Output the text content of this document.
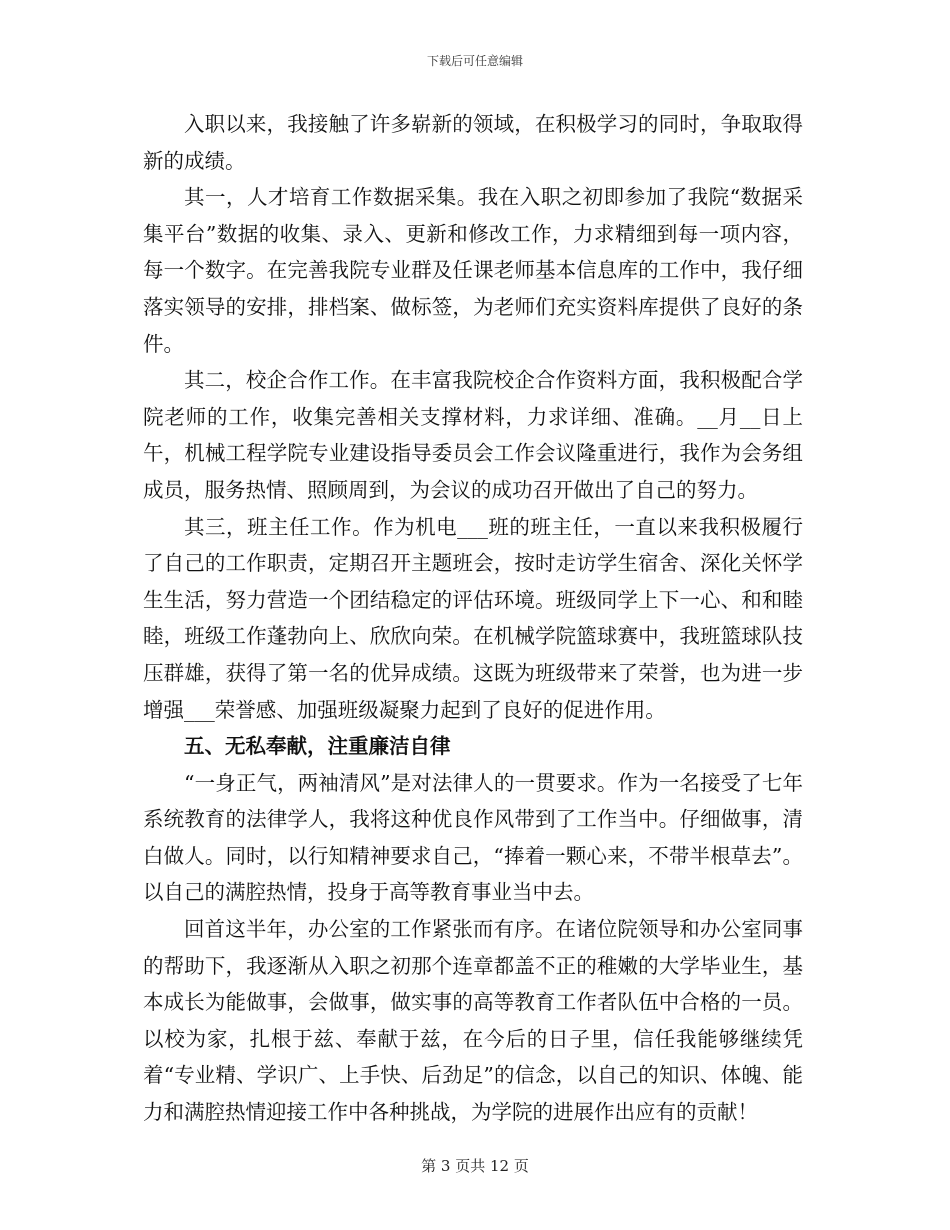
下载后可任意编辑

入职以来，我接触了许多崭新的领域，在积极学习的同时，争取取得新的成绩。

其一，人才培育工作数据采集。我在入职之初即参加了我院“数据采集平台”数据的收集、录入、更新和修改工作，力求精细到每一项内容，每一个数字。在完善我院专业群及任课老师基本信息库的工作中，我仔细落实领导的安排，排档案、做标签，为老师们充实资料库提供了良好的条件。

其二，校企合作工作。在丰富我院校企合作资料方面，我积极配合学院老师的工作，收集完善相关支撑材料，力求详细、准确。__月__日上午，机械工程学院专业建设指导委员会工作会议隆重进行，我作为会务组成员，服务热情、照顾周到，为会议的成功召开做出了自己的努力。

其三，班主任工作。作为机电___班的班主任，一直以来我积极履行了自己的工作职责，定期召开主题班会，按时走访学生宿舍、深化关怀学生生活，努力营造一个团结稳定的评估环境。班级同学上下一心、和和睦睦，班级工作蓬勃向上、欣欣向荣。在机械学院篮球赛中，我班篮球队技压群雄，获得了第一名的优异成绩。这既为班级带来了荣誉，也为进一步增强___荣誉感、加强班级凝聚力起到了良好的促进作用。

五、无私奉献，注重廉洁自律

“一身正气，两袖清风”是对法律人的一贯要求。作为一名接受了七年系统教育的法律学人，我将这种优良作风带到了工作当中。仔细做事，清白做人。同时，以行知精神要求自己，“捧着一颗心来，不带半根草去”。以自己的满腔热情，投身于高等教育事业当中去。

回首这半年，办公室的工作紧张而有序。在诸位院领导和办公室同事的帮助下，我逐渐从入职之初那个连章都盖不正的稚嫩的大学毕业生，基本成长为能做事，会做事，做实事的高等教育工作者队伍中合格的一员。以校为家，扎根于兹、奉献于兹，在今后的日子里，信任我能够继续凭着“专业精、学识广、上手快、后劲足”的信念，以自己的知识、体魄、能力和满腔热情迎接工作中各种挑战，为学院的进展作出应有的贡献！

第 3 页共 12 页
